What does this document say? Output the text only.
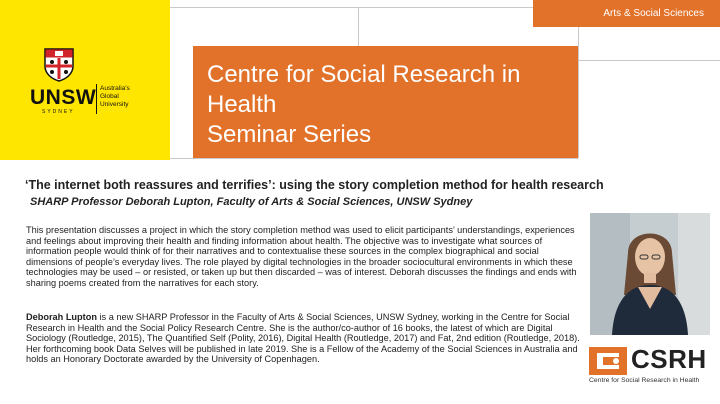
UNSW
SYDNEY
Australia's
Global
University
Arts & Social Sciences
Centre for Social Research in Health
Seminar Series
‘The internet both reassures and terrifies’: using the story completion method for health research
SHARP Professor Deborah Lupton, Faculty of Arts & Social Sciences, UNSW Sydney

This presentation discusses a project in which the story completion method was used to elicit participants’ understandings, experiences and feelings about improving their health and finding information about health. The objective was to investigate what sources of information people would think of for their narratives and to contextualise these sources in the complex biographical and social dimensions of people’s everyday lives. The role played by digital technologies in the broader sociocultural environments in which these technologies may be used – or resisted, or taken up but then discarded – was of interest. Deborah discusses the findings and ends with sharing poems created from the narratives for each story.

Deborah Lupton is a new SHARP Professor in the Faculty of Arts & Social Sciences, UNSW Sydney, working in the Centre for Social Research in Health and the Social Policy Research Centre. She is the author/co-author of 16 books, the latest of which are Digital Sociology (Routledge, 2015), The Quantified Self (Polity, 2016), Digital Health (Routledge, 2017) and Fat, 2nd edition (Routledge, 2018). Her forthcoming book Data Selves will be published in late 2019. She is a Fellow of the Academy of the Social Sciences in Australia and holds an Honorary Doctorate awarded by the University of Copenhagen.	CSRH
Centre for Social Research in Health
